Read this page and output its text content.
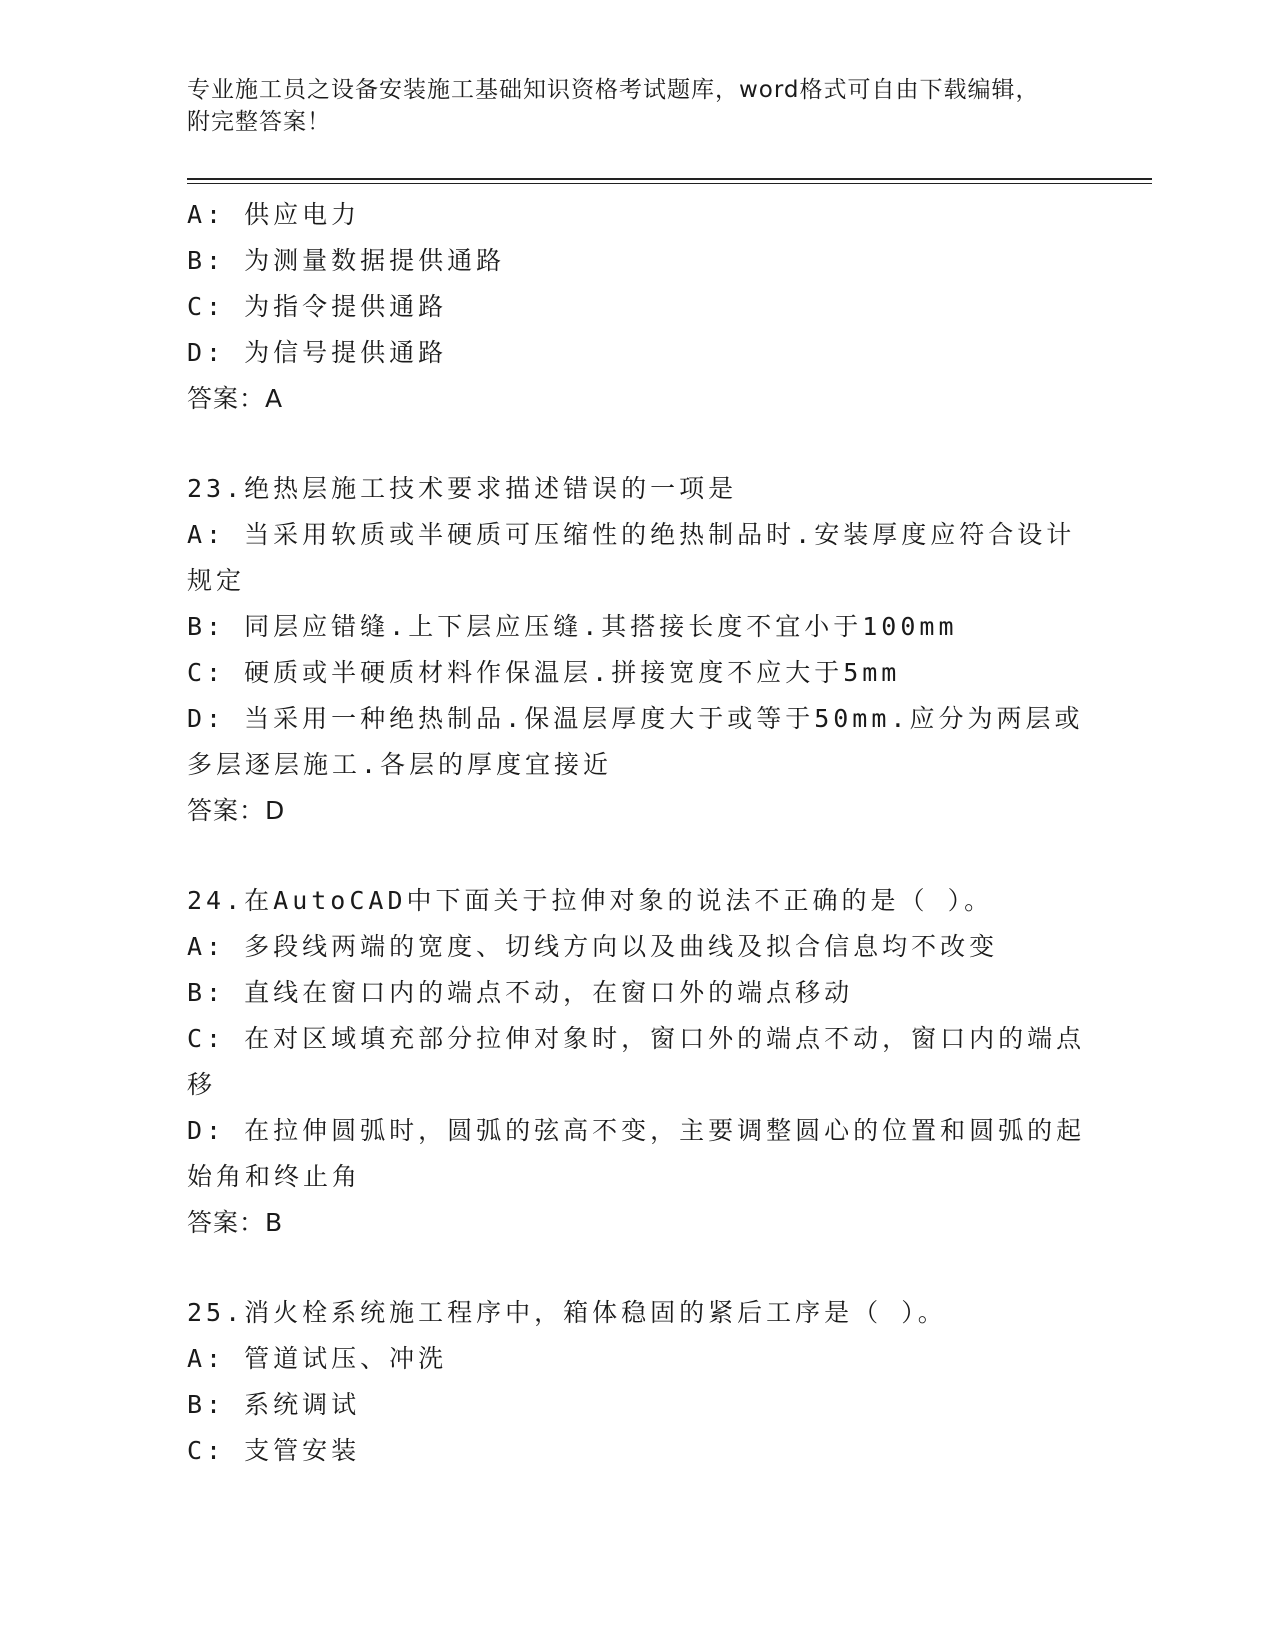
专业施工员之设备安装施工基础知识资格考试题库，word格式可自由下载编辑，
附完整答案！
A: 供应电力
B: 为测量数据提供通路
C: 为指令提供通路
D: 为信号提供通路
答案：A
23.绝热层施工技术要求描述错误的一项是
A: 当采用软质或半硬质可压缩性的绝热制品时.安装厚度应符合设计规定
B: 同层应错缝.上下层应压缝.其搭接长度不宜小于100mm
C: 硬质或半硬质材料作保温层.拼接宽度不应大于5mm
D: 当采用一种绝热制品.保温层厚度大于或等于50mm.应分为两层或多层逐层施工.各层的厚度宜接近
答案：D
24.在AutoCAD中下面关于拉伸对象的说法不正确的是（ ）。
A: 多段线两端的宽度、切线方向以及曲线及拟合信息均不改变
B: 直线在窗口内的端点不动，在窗口外的端点移动
C: 在对区域填充部分拉伸对象时，窗口外的端点不动，窗口内的端点移
D: 在拉伸圆弧时，圆弧的弦高不变，主要调整圆心的位置和圆弧的起始角和终止角
答案：B
25.消火栓系统施工程序中，箱体稳固的紧后工序是（ ）。
A: 管道试压、冲洗
B: 系统调试
C: 支管安装
